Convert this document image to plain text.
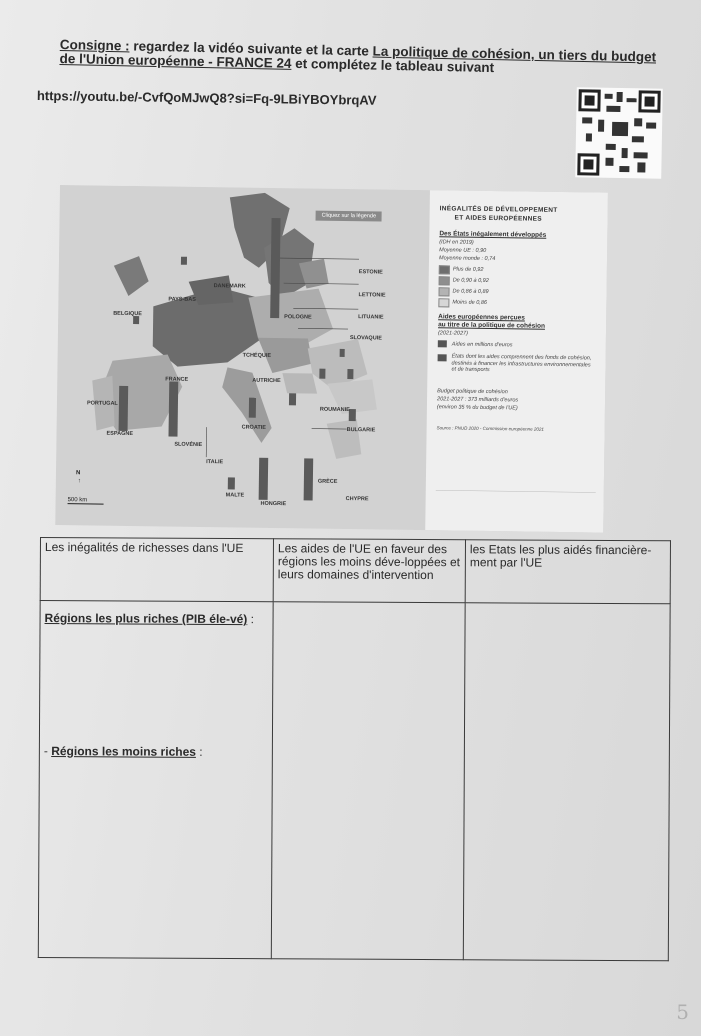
Consigne : regardez la vidéo suivante et la carte La politique de cohésion, un tiers du budget de l'Union européenne - FRANCE 24 et complétez le tableau suivant
https://youtu.be/-CvfQoMJwQ8?si=Fq-9LBiYBOYbrqAV
Cliquez sur la légende
ESTONIE
LETTONIE
LITUANIE
DANEMARK
PAYS-BAS
BELGIQUE
POLOGNE
SLOVAQUIE
TCHÉQUIE
AUTRICHE
FRANCE
PORTUGAL
ROUMANIE
CROATIE	BULGARIE
ESPAGNE
SLOVÉNIE
ITALIE
GRÈCE
MALTE
HONGRIE
CHYPRE
INÉGALITÉS DE DÉVELOPPEMENT
ET AIDES EUROPÉENNES
Des États inégalement développés
(IDH en 2019)
Moyenne UE : 0,90
Moyenne monde : 0,74
Plus de 0,92
De 0,90 à 0,92
De 0,86 à 0,89
Moins de 0,86
Aides européennes perçues
au titre de la politique de cohésion
(2021-2027)
Aides en millions d'euros
États dont les aides comprennent des fonds de cohésion, destinés à financer les infrastructures environnementales et de transports
Budget politique de cohésion
2021-2027 : 373 milliards d'euros
(environ 35 % du budget de l'UE)
Source : PNUD 2020 - Commission européenne 2021
N
↑
500 km
Les inégalités de richesses dans l'UE	Les aides de l'UE en faveur des régions les moins déve-loppées et leurs domaines d'intervention	les Etats les plus aidés financière-ment par l'UE

Régions les plus riches (PIB éle-vé) :
- Régions les moins riches :		

5
